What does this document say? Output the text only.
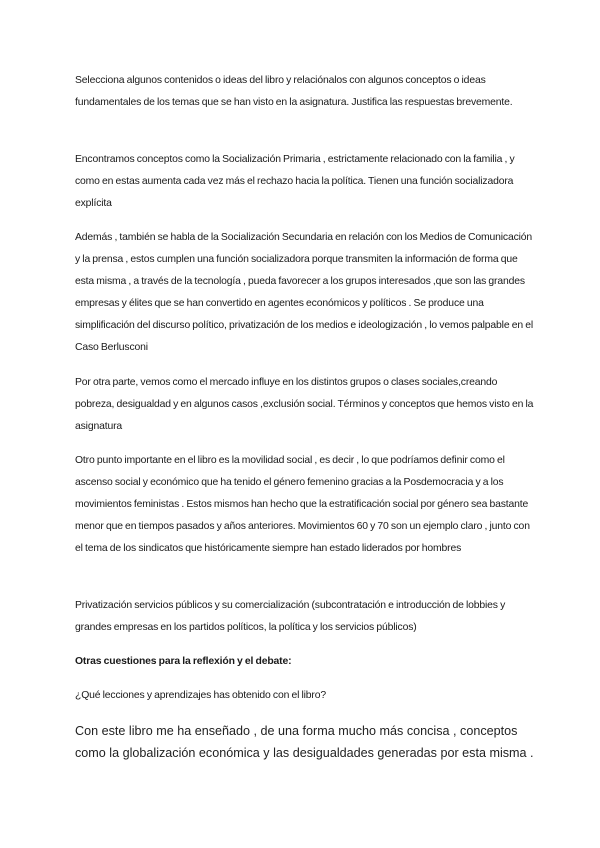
Selecciona algunos contenidos o ideas del libro y relaciónalos con algunos conceptos o ideas fundamentales de los temas que se han visto en la asignatura. Justifica las respuestas brevemente.

Encontramos conceptos como la Socialización Primaria , estrictamente relacionado con la familia , y como en estas aumenta cada vez más el rechazo hacia la política. Tienen una función socializadora explícita

Además , también se habla de la Socialización Secundaria en relación con los Medios de Comunicación y la prensa , estos cumplen una función socializadora porque transmiten la información de forma que esta misma , a través de la tecnología , pueda favorecer a los grupos interesados ,que son las grandes empresas y élites que se han convertido en agentes económicos y políticos . Se produce una simplificación del discurso político, privatización de los medios e ideologización , lo vemos palpable en el Caso Berlusconi

Por otra parte, vemos como el mercado influye en los distintos grupos o clases sociales,creando pobreza, desigualdad y en algunos casos ,exclusión social. Términos y conceptos que hemos visto en la asignatura

Otro punto importante en el libro es la movilidad social , es decir , lo que podríamos definir como el ascenso social y económico que ha tenido el género femenino gracias a la Posdemocracia y a los movimientos feministas . Estos mismos han hecho que la estratificación social por género sea bastante menor que en tiempos pasados y años anteriores. Movimientos 60 y 70 son un ejemplo claro , junto con el tema de los sindicatos que históricamente siempre han estado liderados por hombres

Privatización servicios públicos y su comercialización (subcontratación e introducción de lobbies y grandes empresas en los partidos políticos, la política y los servicios públicos)

Otras cuestiones para la reflexión y el debate:

¿Qué lecciones y aprendizajes has obtenido con el libro?

Con este libro me ha enseñado , de una forma mucho más concisa , conceptos como la globalización económica y las desigualdades generadas por esta misma .
